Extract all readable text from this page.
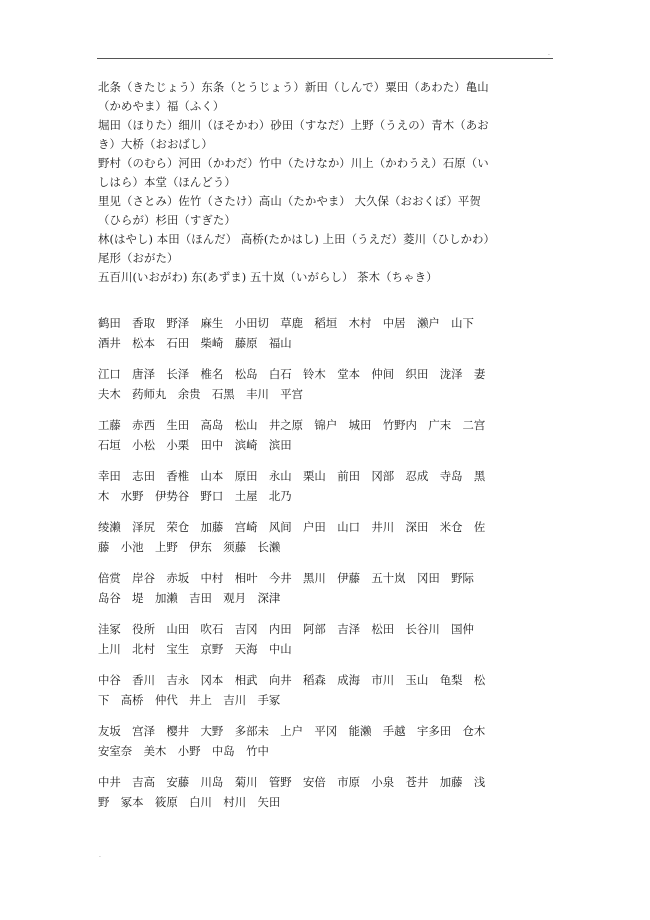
.

北条（きたじょう）东条（とうじょう）新田（しんで）粟田（あわた）亀山

（かめやま）福（ふく）

堀田（ほりた）细川（ほそかわ）砂田（すなだ）上野（うえの）青木（あお

き）大桥（おおばし）

野村（のむら）河田（かわだ）竹中（たけなか）川上（かわうえ）石原（い

しはら）本堂（ほんどう）

里见（さとみ）佐竹（さたけ）高山（たかやま） 大久保（おおくぼ）平贺

（ひらが）杉田（すぎた）

林(はやし) 本田（ほんだ） 高桥(たかはし) 上田（うえだ）菱川（ひしかわ）

尾形（おがた）

五百川(いおがわ) 东(あずま) 五十岚（いがらし） 茶木（ちゃき）

鹤田　香取　野泽　麻生　小田切　草鹿　稻垣　木村　中居　濑户　山下
酒井　松本　石田　柴崎　藤原　福山

江口　唐泽　长泽　椎名　松岛　白石　铃木　堂本　仲间　织田　泷泽　妻
夫木　药师丸　余贵　石黑　丰川　平宫

工藤　赤西　生田　高岛　松山　井之原　锦户　城田　竹野内　广末　二宫
石垣　小松　小栗　田中　滨崎　滨田

幸田　志田　香椎　山本　原田　永山　栗山　前田　冈部　忍成　寺岛　黑
木　水野　伊势谷　野口　土屋　北乃

绫濑　泽尻　荣仓　加藤　宫崎　风间　户田　山口　井川　深田　米仓　佐
藤　小池　上野　伊东　须藤　长濑

倍赏　岸谷　赤坂　中村　相叶　今井　黑川　伊藤　五十岚　冈田　野际
岛谷　堤　加濑　吉田　观月　深津

洼冢　役所　山田　吹石　吉冈　内田　阿部　吉泽　松田　长谷川　国仲
上川　北村　宝生　京野　天海　中山

中谷　香川　吉永　冈本　相武　向井　稻森　成海　市川　玉山　龟梨　松
下　高桥　仲代　井上　吉川　手冢

友坂　宫泽　樱井　大野　多部未　上户　平冈　能濑　手越　宇多田　仓木
安室奈　美木　小野　中岛　竹中

中井　吉高　安藤　川岛　菊川　管野　安倍　市原　小泉　苍井　加藤　浅
野　冢本　筱原　白川　村川　矢田

.
